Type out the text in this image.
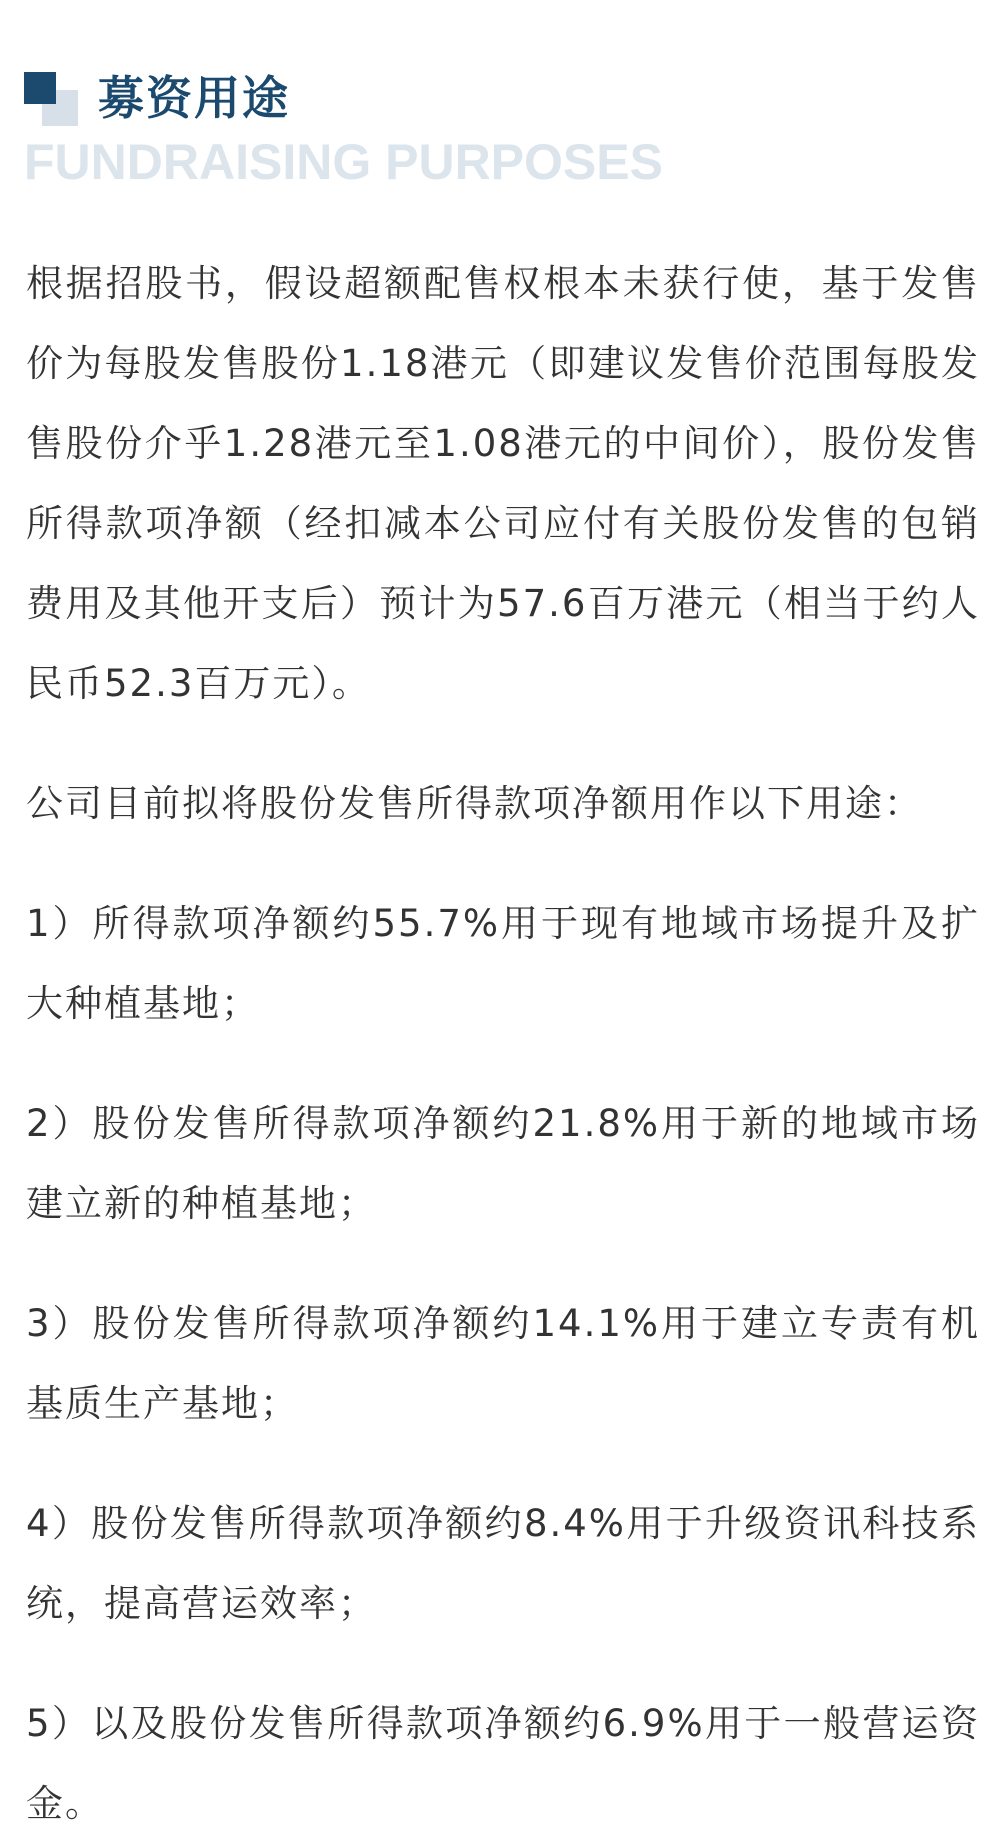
募资用途
FUNDRAISING PURPOSES

根据招股书，假设超额配售权根本未获行使，基于发售价为每股发售股份1.18港元（即建议发售价范围每股发售股份介乎1.28港元至1.08港元的中间价），股份发售所得款项净额（经扣减本公司应付有关股份发售的包销费用及其他开支后）预计为57.6百万港元（相当于约人民币52.3百万元）。

公司目前拟将股份发售所得款项净额用作以下用途：

1）所得款项净额约55.7%用于现有地域市场提升及扩大种植基地；

2）股份发售所得款项净额约21.8%用于新的地域市场建立新的种植基地；

3）股份发售所得款项净额约14.1%用于建立专责有机基质生产基地；

4）股份发售所得款项净额约8.4%用于升级资讯科技系统，提高营运效率；

5）以及股份发售所得款项净额约6.9%用于一般营运资金。
